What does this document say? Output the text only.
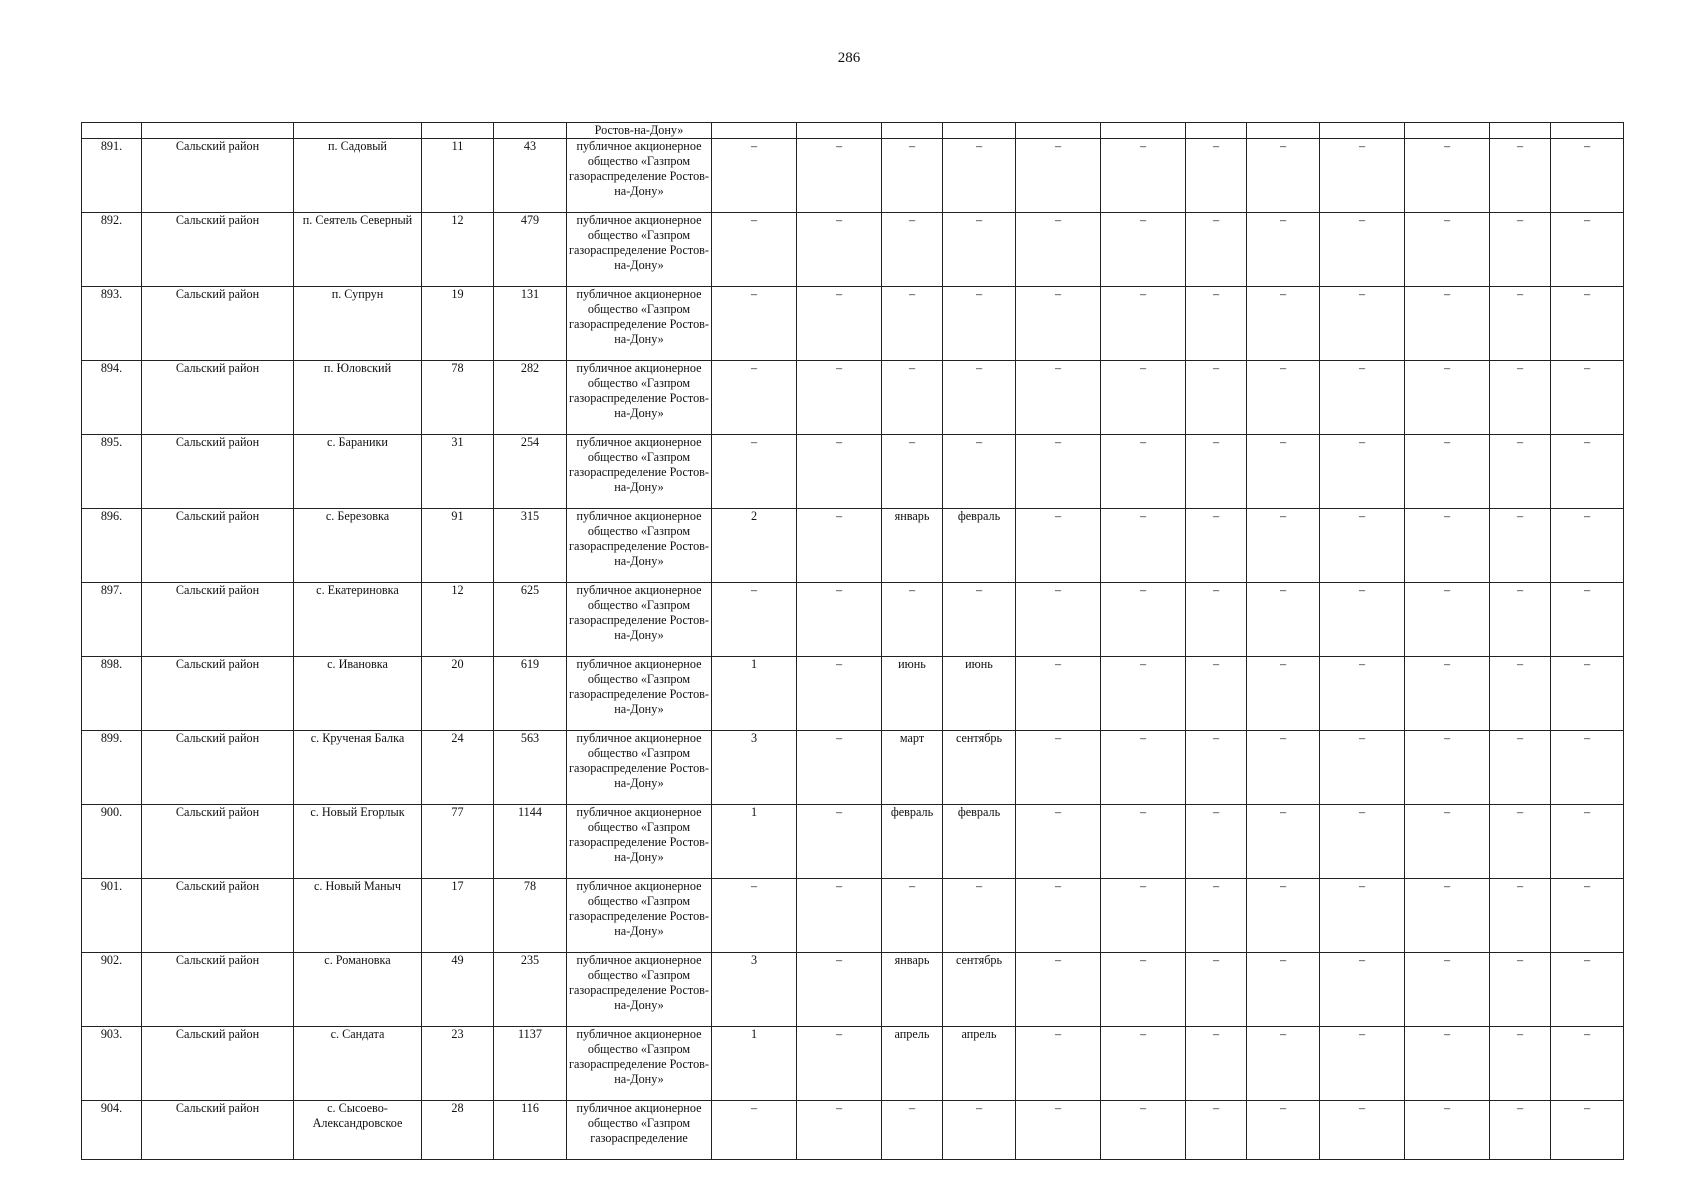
286
					Ростов-на-Дону»												
891.	Сальский район	п. Садовый	11	43	публичное акционерное общество «Газпром газораспределение Ростов-на-Дону»	–	–	–	–	–	–	–	–	–	–	–	–
892.	Сальский район	п. Сеятель Северный	12	479	публичное акционерное общество «Газпром газораспределение Ростов-на-Дону»	–	–	–	–	–	–	–	–	–	–	–	–
893.	Сальский район	п. Супрун	19	131	публичное акционерное общество «Газпром газораспределение Ростов-на-Дону»	–	–	–	–	–	–	–	–	–	–	–	–
894.	Сальский район	п. Юловский	78	282	публичное акционерное общество «Газпром газораспределение Ростов-на-Дону»	–	–	–	–	–	–	–	–	–	–	–	–
895.	Сальский район	с. Бараники	31	254	публичное акционерное общество «Газпром газораспределение Ростов-на-Дону»	–	–	–	–	–	–	–	–	–	–	–	–
896.	Сальский район	с. Березовка	91	315	публичное акционерное общество «Газпром газораспределение Ростов-на-Дону»	2	–	январь	февраль	–	–	–	–	–	–	–	–
897.	Сальский район	с. Екатериновка	12	625	публичное акционерное общество «Газпром газораспределение Ростов-на-Дону»	–	–	–	–	–	–	–	–	–	–	–	–
898.	Сальский район	с. Ивановка	20	619	публичное акционерное общество «Газпром газораспределение Ростов-на-Дону»	1	–	июнь	июнь	–	–	–	–	–	–	–	–
899.	Сальский район	с. Крученая Балка	24	563	публичное акционерное общество «Газпром газораспределение Ростов-на-Дону»	3	–	март	сентябрь	–	–	–	–	–	–	–	–
900.	Сальский район	с. Новый Егорлык	77	1144	публичное акционерное общество «Газпром газораспределение Ростов-на-Дону»	1	–	февраль	февраль	–	–	–	–	–	–	–	–
901.	Сальский район	с. Новый Маныч	17	78	публичное акционерное общество «Газпром газораспределение Ростов-на-Дону»	–	–	–	–	–	–	–	–	–	–	–	–
902.	Сальский район	с. Романовка	49	235	публичное акционерное общество «Газпром газораспределение Ростов-на-Дону»	3	–	январь	сентябрь	–	–	–	–	–	–	–	–
903.	Сальский район	с. Сандата	23	1137	публичное акционерное общество «Газпром газораспределение Ростов-на-Дону»	1	–	апрель	апрель	–	–	–	–	–	–	–	–
904.	Сальский район	с. Сысоево-Александровское	28	116	публичное акционерное общество «Газпром газораспределение	–	–	–	–	–	–	–	–	–	–	–	–
